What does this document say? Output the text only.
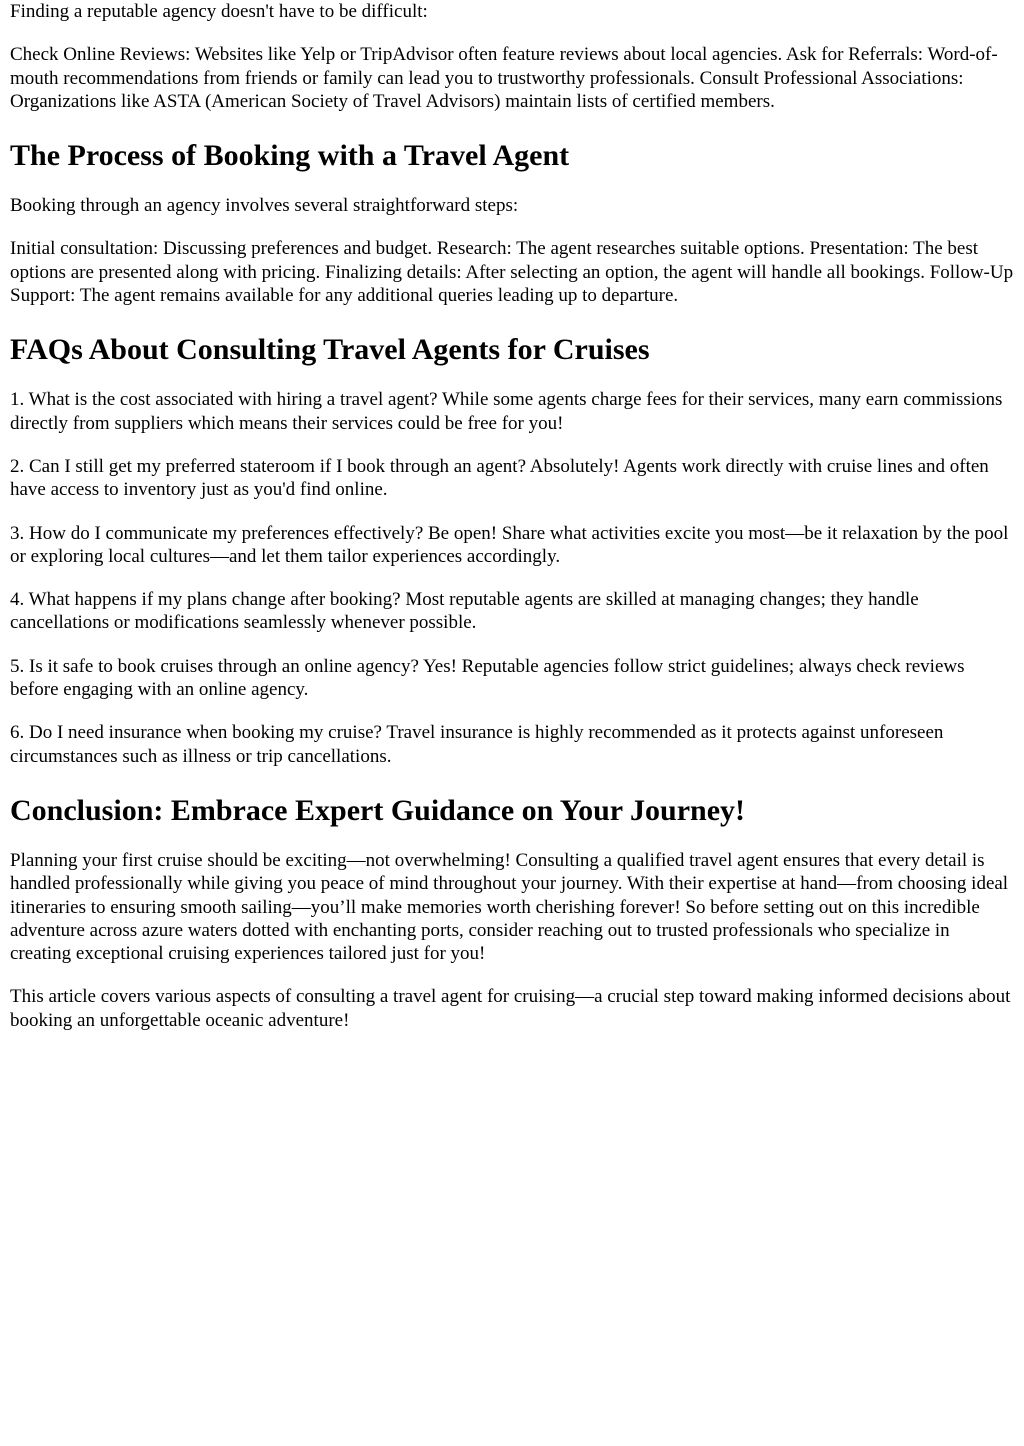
Finding a reputable agency doesn't have to be difficult:

Check Online Reviews: Websites like Yelp or TripAdvisor often feature reviews about local agencies. Ask for Referrals: Word-of-mouth recommendations from friends or family can lead you to trustworthy professionals. Consult Professional Associations: Organizations like ASTA (American Society of Travel Advisors) maintain lists of certified members.

The Process of Booking with a Travel Agent

Booking through an agency involves several straightforward steps:

Initial consultation: Discussing preferences and budget. Research: The agent researches suitable options. Presentation: The best options are presented along with pricing. Finalizing details: After selecting an option, the agent will handle all bookings. Follow-Up Support: The agent remains available for any additional queries leading up to departure.

FAQs About Consulting Travel Agents for Cruises

1. What is the cost associated with hiring a travel agent? While some agents charge fees for their services, many earn commissions directly from suppliers which means their services could be free for you!

2. Can I still get my preferred stateroom if I book through an agent? Absolutely! Agents work directly with cruise lines and often have access to inventory just as you'd find online.

3. How do I communicate my preferences effectively? Be open! Share what activities excite you most—be it relaxation by the pool or exploring local cultures—and let them tailor experiences accordingly.

4. What happens if my plans change after booking? Most reputable agents are skilled at managing changes; they handle cancellations or modifications seamlessly whenever possible.

5. Is it safe to book cruises through an online agency? Yes! Reputable agencies follow strict guidelines; always check reviews before engaging with an online agency.

6. Do I need insurance when booking my cruise? Travel insurance is highly recommended as it protects against unforeseen circumstances such as illness or trip cancellations.

Conclusion: Embrace Expert Guidance on Your Journey!

Planning your first cruise should be exciting—not overwhelming! Consulting a qualified travel agent ensures that every detail is handled professionally while giving you peace of mind throughout your journey. With their expertise at hand—from choosing ideal itineraries to ensuring smooth sailing—you’ll make memories worth cherishing forever! So before setting out on this incredible adventure across azure waters dotted with enchanting ports, consider reaching out to trusted professionals who specialize in creating exceptional cruising experiences tailored just for you!

This article covers various aspects of consulting a travel agent for cruising—a crucial step toward making informed decisions about booking an unforgettable oceanic adventure!
